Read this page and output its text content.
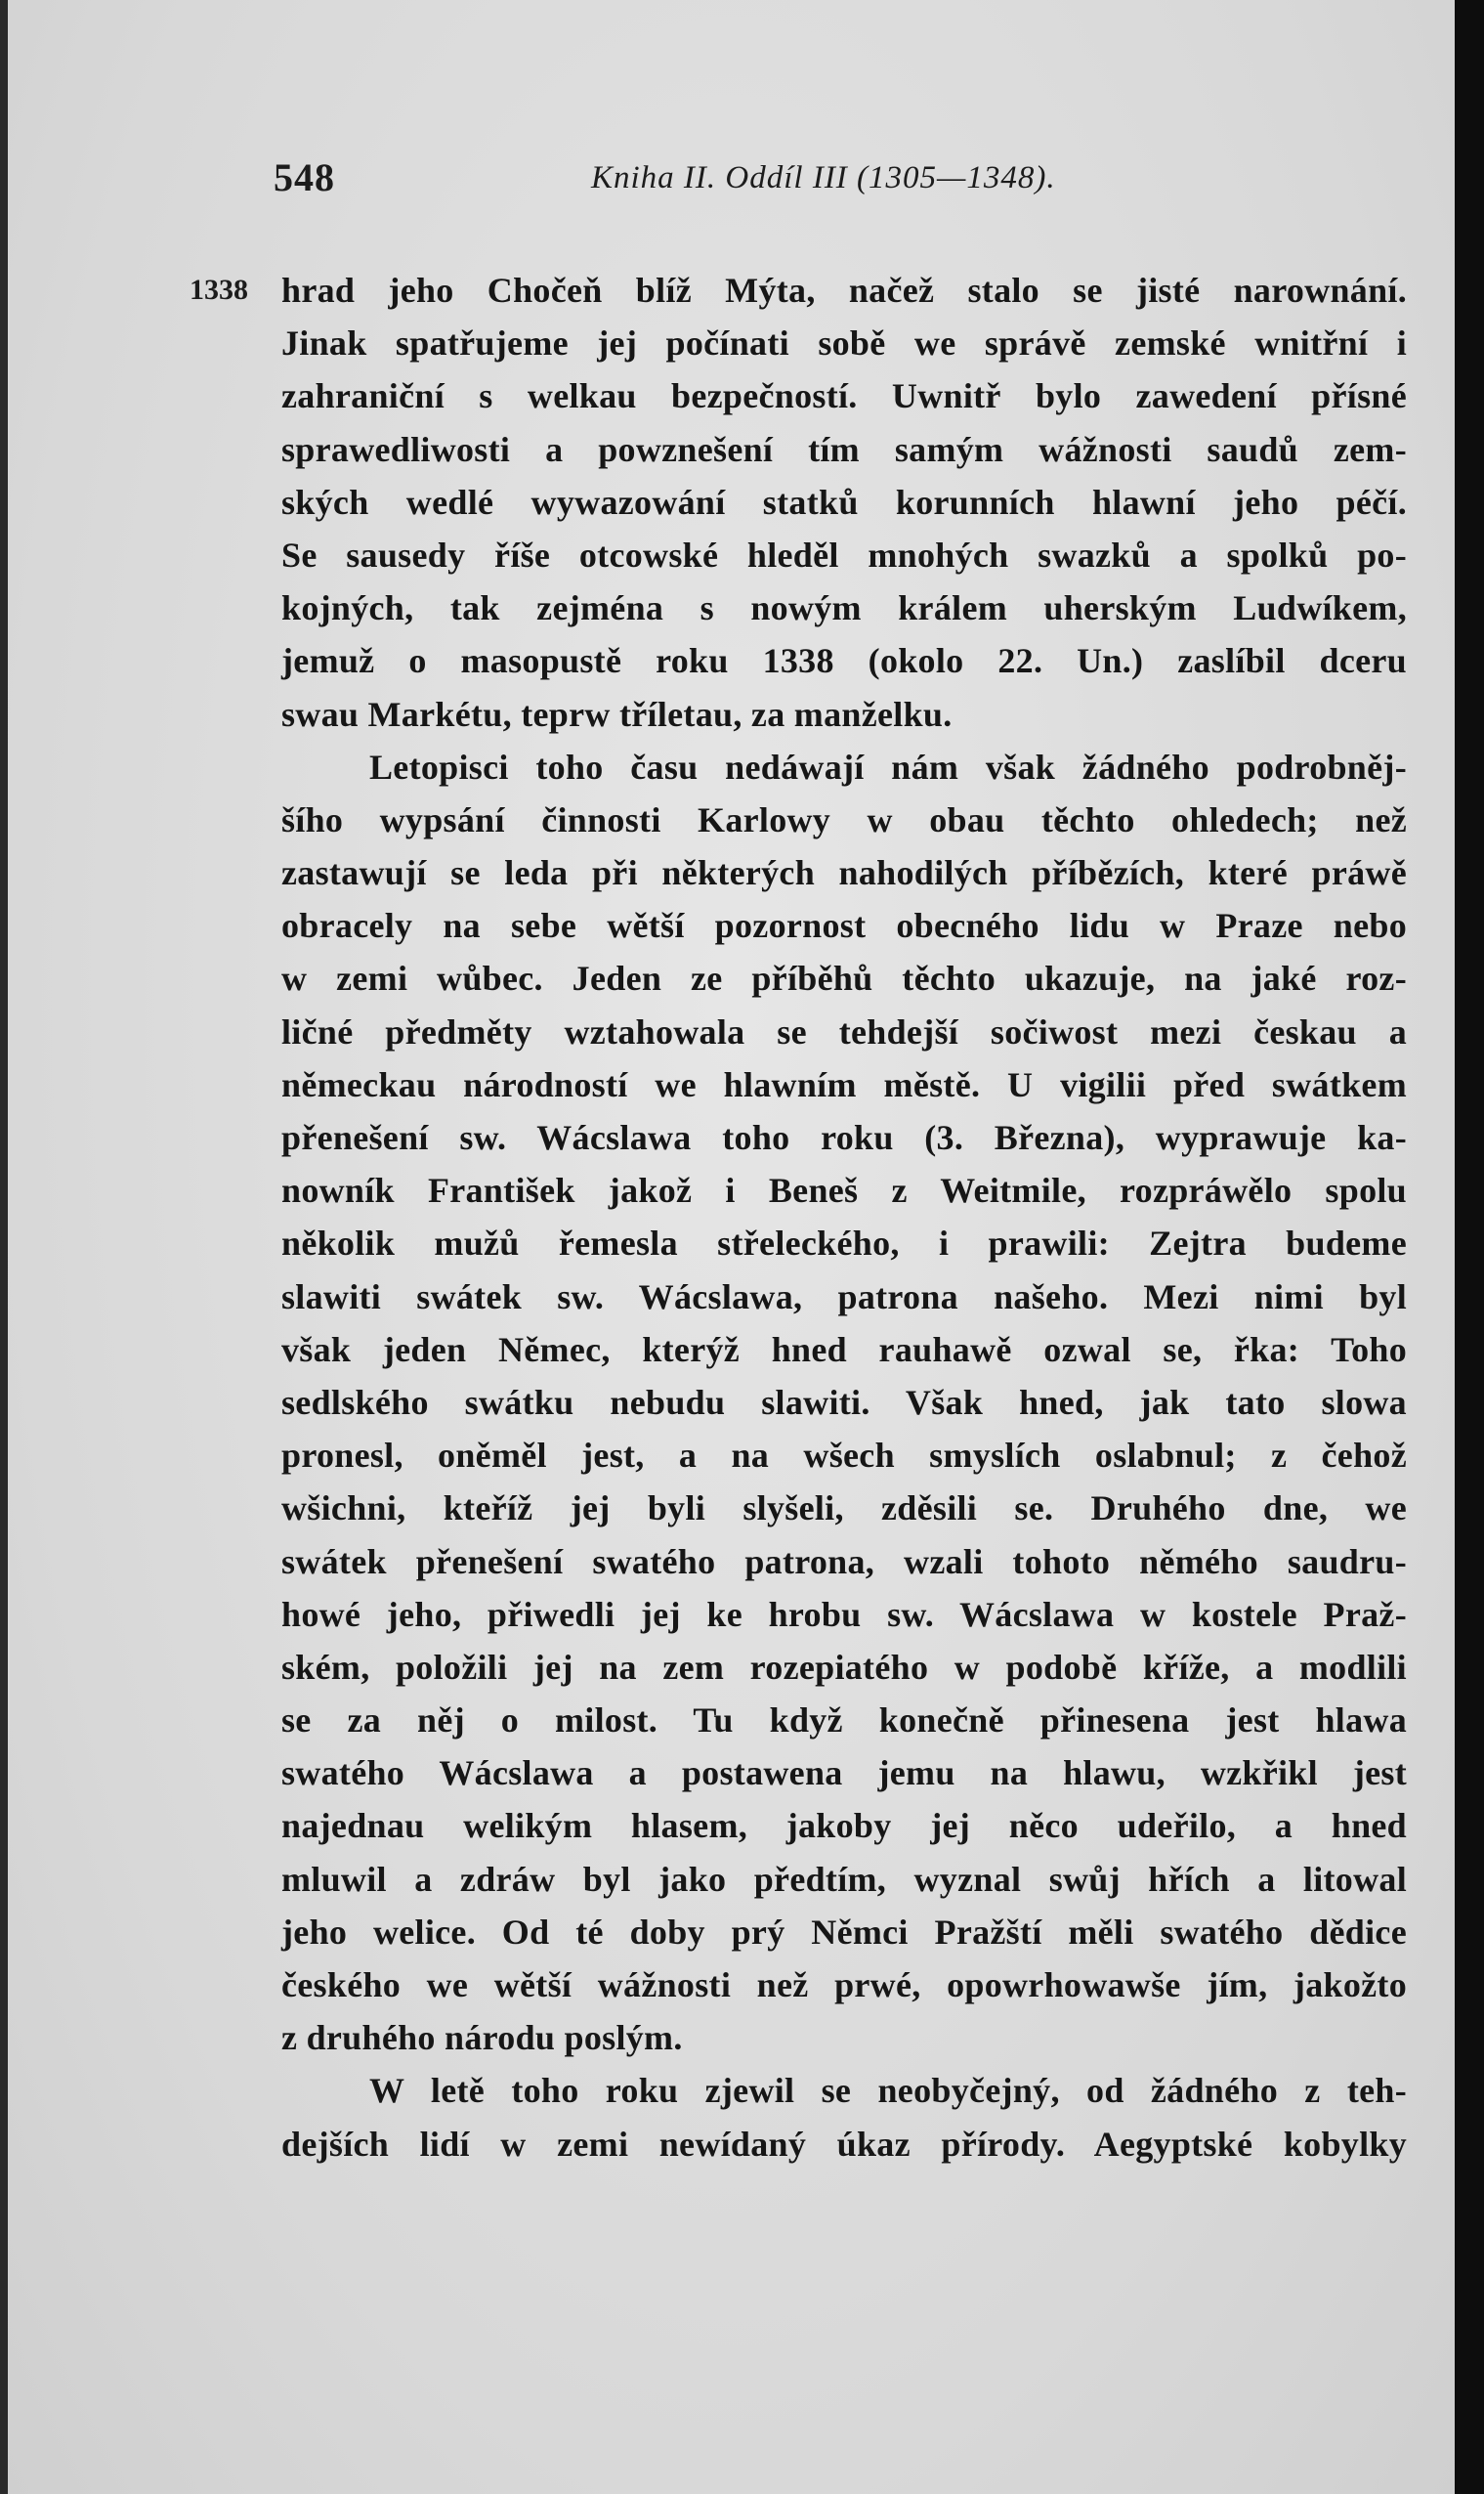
548	Kniha II. Oddíl III (1305—1348).
1338 hrad jeho Chočeň blíž Mýta, načež stalo se jisté narownání.
Jinak spatřujeme jej počínati sobě we správě zemské wnitřní i
zahraniční s welkau bezpečností. Uwnitř bylo zawedení přísné
sprawedliwosti a powznešení tím samým wážnosti saudů zem-
ských wedlé wywazowání statků korunních hlawní jeho péčí.
Se sausedy říše otcowské hleděl mnohých swazků a spolků po-
kojných, tak zejména s nowým králem uherským Ludwíkem,
jemuž o masopustě roku 1338 (okolo 22. Un.) zaslíbil dceru
swau Markétu, teprw tříletau, za manželku.
Letopisci toho času nedáwají nám však žádného podrobněj-
šího wypsání činnosti Karlowy w obau těchto ohledech; než
zastawují se leda při některých nahodilých příbězích, které práwě
obracely na sebe wětší pozornost obecného lidu w Praze nebo
w zemi wůbec. Jeden ze příběhů těchto ukazuje, na jaké roz-
ličné předměty wztahowala se tehdejší sočiwost mezi českau a
německau národností we hlawním městě. U vigilii před swátkem
přenešení sw. Wácslawa toho roku (3. Března), wyprawuje ka-
nowník František jakož i Beneš z Weitmile, rozpráwělo spolu
několik mužů řemesla střeleckého, i prawili: Zejtra budeme
slawiti swátek sw. Wácslawa, patrona našeho. Mezi nimi byl
však jeden Němec, kterýž hned rauhawě ozwal se, řka: Toho
sedlského swátku nebudu slawiti. Však hned, jak tato slowa
pronesl, oněměl jest, a na wšech smyslích oslabnul; z čehož
wšichni, kteříž jej byli slyšeli, zděsili se. Druhého dne, we
swátek přenešení swatého patrona, wzali tohoto němého saudru-
howé jeho, přiwedli jej ke hrobu sw. Wácslawa w kostele Praž-
ském, položili jej na zem rozepiatého w podobě kříže, a modlili
se za něj o milost. Tu když konečně přinesena jest hlawa
swatého Wácslawa a postawena jemu na hlawu, wzkřikl jest
najednau welikým hlasem, jakoby jej něco udeřilo, a hned
mluwil a zdráw byl jako předtím, wyznal swůj hřích a litowal
jeho welice. Od té doby prý Němci Pražští měli swatého dědice
českého we wětší wážnosti než prwé, opowrhowawše jím, jakožto
z druhého národu poslým.
W letě toho roku zjewil se neobyčejný, od žádného z teh-
dejších lidí w zemi newídaný úkaz přírody. Aegyptské kobylky
